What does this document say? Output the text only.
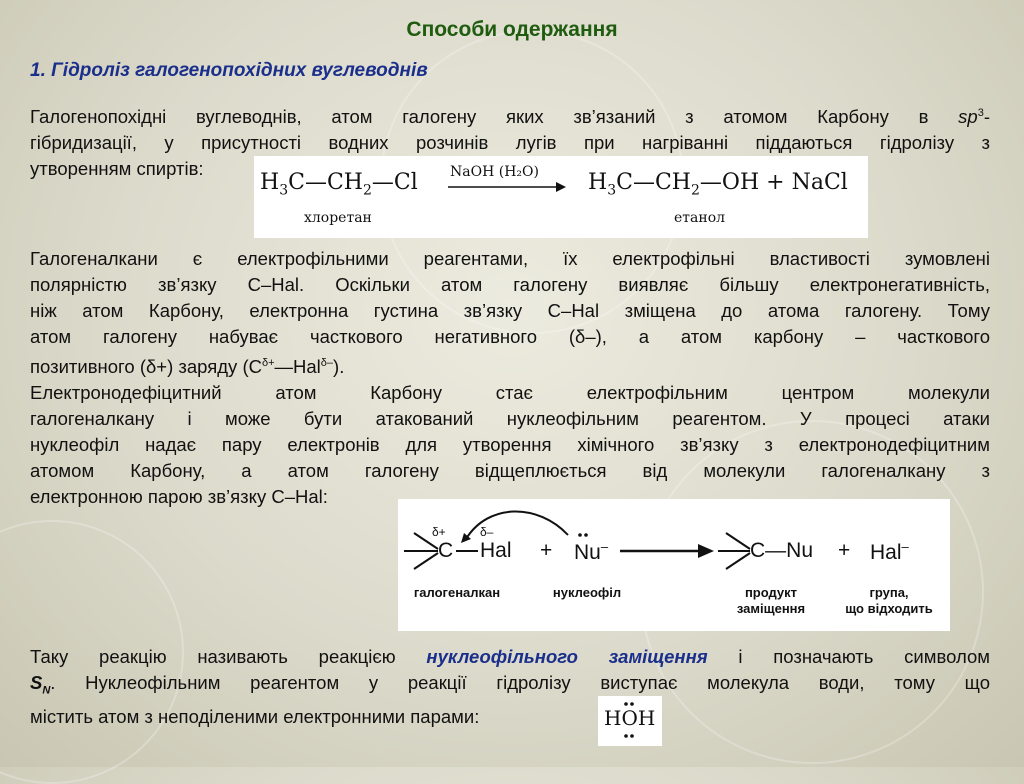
Способи одержання
1. Гідроліз галогенопохідних вуглеводнів
Галогенопохідні вуглеводнів, атом галогену яких зв’язаний з атомом Карбону в $sp^3-$
гібридизації, у присутності водних розчинів лугів при нагріванні піддаються гідролізу з
утворенням спиртів:
$H_3C—CH_2—Cl$ NaOH (H₂O) $H_3C—CH_2—OH$ + NaCl
хлоретан	етанол
Галогеналкани є електрофільними реагентами, їх електрофільні властивості зумовлені
полярністю зв’язку C–Hal. Оскільки атом галогену виявляє більшу електронегативність,
ніж атом Карбону, електронна густина зв’язку C–Hal зміщена до атома галогену. Тому
атом галогену набуває часткового негативного (δ–), а атом карбону – часткового
позитивного (δ+) заряду $(C^{\delta+}—Hal^{\delta-})$.
Електронодефіцитний атом Карбону стає електрофільним центром молекули
галогеналкану і може бути атакований нуклеофільним реагентом. У процесі атаки
нуклеофіл надає пару електронів для утворення хімічного зв’язку з електронодефіцитним
атомом Карбону, а атом галогену відщеплюється від молекули галогеналкану з
електронною парою зв’язку C–Hal:
δ+	δ–
C Hal + Nu–	C—Nu + Hal–
галогеналкан	нуклеофіл	продукт
заміщення
група,
що відходить
Таку реакцію називають реакцією нуклеофільного заміщення і позначають символом
$S_N$. Нуклеофільним реагентом у реакції гідролізу виступає молекула води, тому що
містить атом з неподіленими електронними парами:	HOH
